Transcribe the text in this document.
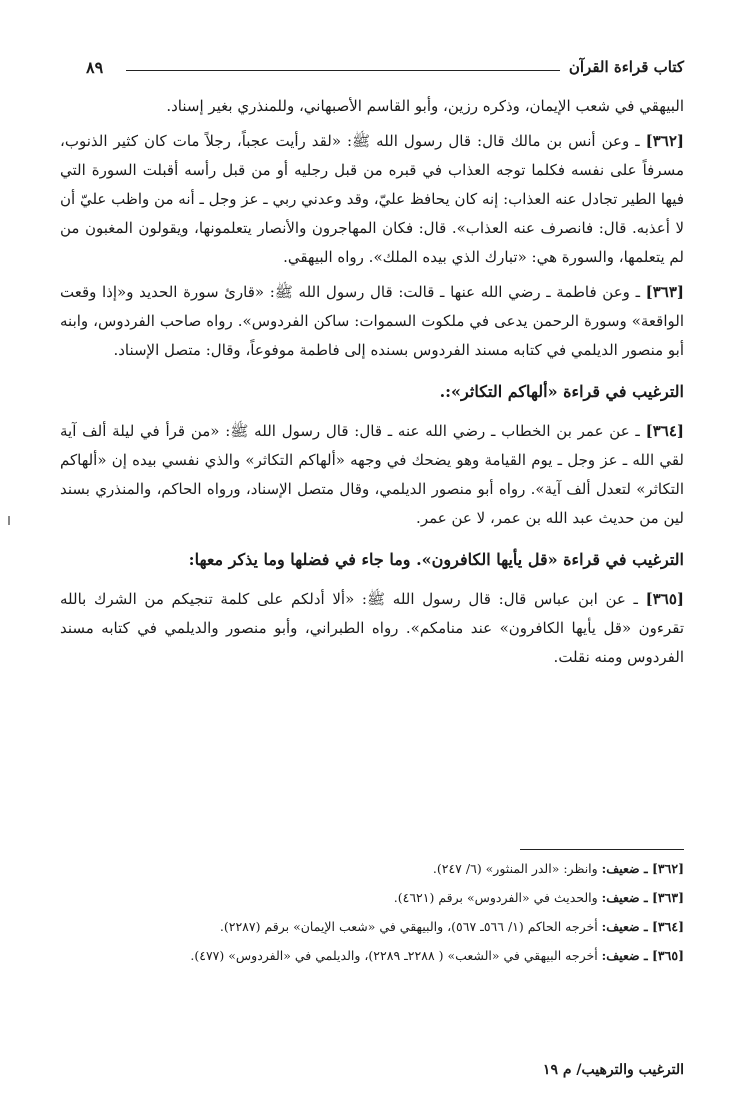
كتاب قراءة القرآن
٨٩

البيهقي في شعب الإيمان، وذكره رزين، وأبو القاسم الأصبهاني، وللمنذري بغير إسناد.

[٣٦٢] ـ وعن أنس بن مالك قال: قال رسول الله ﷺ: «لقد رأيت عجباً، رجلاً مات كان كثير الذنوب، مسرفاً على نفسه فكلما توجه العذاب في قبره من قبل رجليه أو من قبل رأسه أقبلت السورة التي فيها الطير تجادل عنه العذاب: إنه كان يحافظ عليّ، وقد وعدني ربي ـ عز وجل ـ أنه من واظب عليّ أن لا أعذبه. قال: فانصرف عنه العذاب». قال: فكان المهاجرون والأنصار يتعلمونها، ويقولون المغبون من لم يتعلمها، والسورة هي: «تبارك الذي بيده الملك». رواه البيهقي.

[٣٦٣] ـ وعن فاطمة ـ رضي الله عنها ـ قالت: قال رسول الله ﷺ: «قارئ سورة الحديد و«إذا وقعت الواقعة» وسورة الرحمن يدعى في ملكوت السموات: ساكن الفردوس». رواه صاحب الفردوس، وابنه أبو منصور الديلمي في كتابه مسند الفردوس بسنده إلى فاطمة موفوعاً، وقال: متصل الإسناد.

الترغيب في قراءة «ألهاكم التكاثر»:.

[٣٦٤] ـ عن عمر بن الخطاب ـ رضي الله عنه ـ قال: قال رسول الله ﷺ: «من قرأ في ليلة ألف آية لقي الله ـ عز وجل ـ يوم القيامة وهو يضحك في وجهه «ألهاكم التكاثر» والذي نفسي بيده إن «ألهاكم التكاثر» لتعدل ألف آية». رواه أبو منصور الديلمي، وقال متصل الإسناد، ورواه الحاكم، والمنذري بسند لين من حديث عبد الله بن عمر، لا عن عمر.

الترغيب في قراءة «قل يأيها الكافرون». وما جاء في فضلها وما يذكر معها:

[٣٦٥] ـ عن ابن عباس قال: قال رسول الله ﷺ: «ألا أدلكم على كلمة تنجيكم من الشرك بالله تقرءون «قل يأيها الكافرون» عند منامكم». رواه الطبراني، وأبو منصور والديلمي في كتابه مسند الفردوس ومنه نقلت.

[٣٦٢] ـ ضعيف: وانظر: «الدر المنثور» (٦/ ٢٤٧).

[٣٦٣] ـ ضعيف: والحديث في «الفردوس» برقم (٤٦٢١).

[٣٦٤] ـ ضعيف: أخرجه الحاكم (١/ ٥٦٦ـ ٥٦٧)، والبيهقي في «شعب الإيمان» برقم (٢٢٨٧).

[٣٦٥] ـ ضعيف: أخرجه البيهقي في «الشعب» ( ٢٢٨٨ـ ٢٢٨٩)، والديلمي في «الفردوس» (٤٧٧).

الترغيب والترهيب/ م ١٩
